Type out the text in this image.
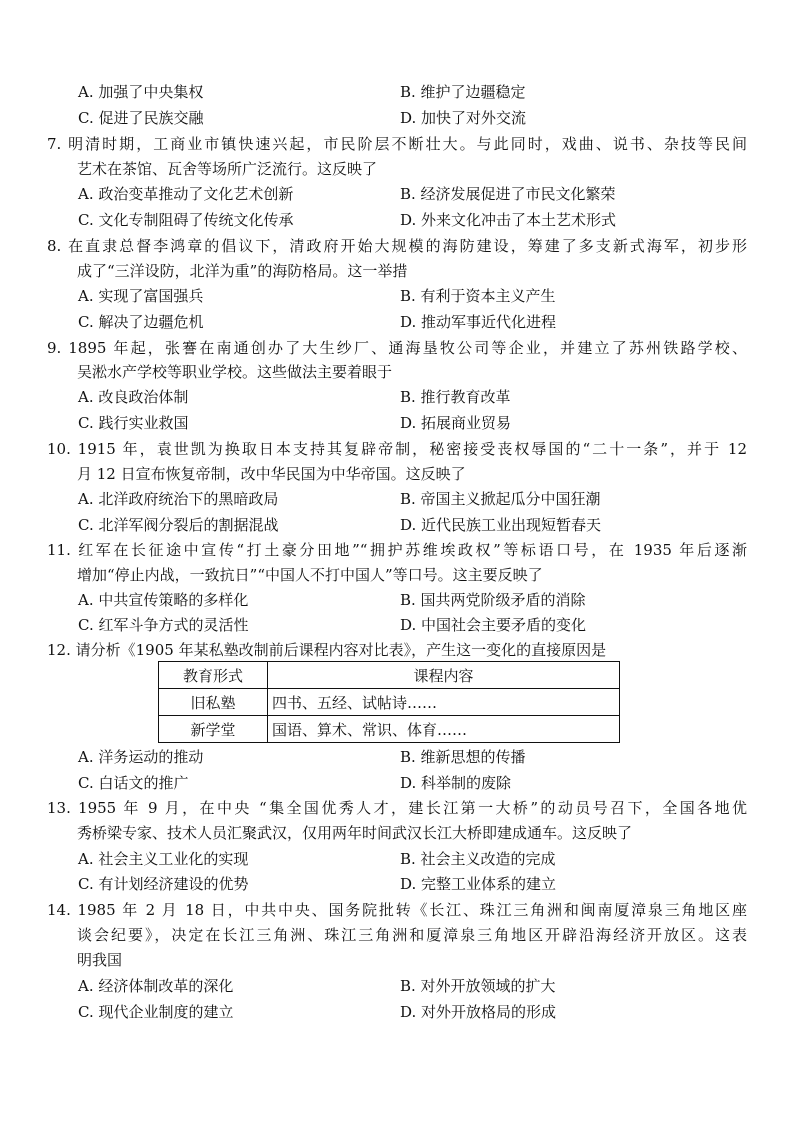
A. 加强了中央集权	B. 维护了边疆稳定
C. 促进了民族交融	D. 加快了对外交流
7. 明清时期，工商业市镇快速兴起，市民阶层不断壮大。与此同时，戏曲、说书、杂技等民间
艺术在茶馆、瓦舍等场所广泛流行。这反映了
A. 政治变革推动了文化艺术创新	B. 经济发展促进了市民文化繁荣
C. 文化专制阻碍了传统文化传承	D. 外来文化冲击了本土艺术形式
8. 在直隶总督李鸿章的倡议下，清政府开始大规模的海防建设，筹建了多支新式海军，初步形
成了“三洋设防，北洋为重”的海防格局。这一举措
A. 实现了富国强兵	B. 有利于资本主义产生
C. 解决了边疆危机	D. 推动军事近代化进程
9. 1895 年起，张謇在南通创办了大生纱厂、通海垦牧公司等企业，并建立了苏州铁路学校、
吴淞水产学校等职业学校。这些做法主要着眼于
A. 改良政治体制	B. 推行教育改革
C. 践行实业救国	D. 拓展商业贸易
10. 1915 年，袁世凯为换取日本支持其复辟帝制，秘密接受丧权辱国的“二十一条”，并于 12
月 12 日宣布恢复帝制，改中华民国为中华帝国。这反映了
A. 北洋政府统治下的黑暗政局	B. 帝国主义掀起瓜分中国狂潮
C. 北洋军阀分裂后的割据混战	D. 近代民族工业出现短暂春天
11. 红军在长征途中宣传“打土豪分田地”“拥护苏维埃政权”等标语口号，在 1935 年后逐渐
增加“停止内战，一致抗日”“中国人不打中国人”等口号。这主要反映了
A. 中共宣传策略的多样化	B. 国共两党阶级矛盾的消除
C. 红军斗争方式的灵活性	D. 中国社会主要矛盾的变化
12. 请分析《1905 年某私塾改制前后课程内容对比表》，产生这一变化的直接原因是
教育形式	课程内容
旧私塾	四书、五经、试帖诗……
新学堂	国语、算术、常识、体育……
A. 洋务运动的推动	B. 维新思想的传播
C. 白话文的推广	D. 科举制的废除
13. 1955 年 9 月，在中央 “集全国优秀人才，建长江第一大桥”的动员号召下，全国各地优
秀桥梁专家、技术人员汇聚武汉，仅用两年时间武汉长江大桥即建成通车。这反映了
A. 社会主义工业化的实现	B. 社会主义改造的完成
C. 有计划经济建设的优势	D. 完整工业体系的建立
14. 1985 年 2 月 18 日，中共中央、国务院批转《长江、珠江三角洲和闽南厦漳泉三角地区座
谈会纪要》，决定在长江三角洲、珠江三角洲和厦漳泉三角地区开辟沿海经济开放区。这表
明我国
A. 经济体制改革的深化	B. 对外开放领域的扩大
C. 现代企业制度的建立	D. 对外开放格局的形成
